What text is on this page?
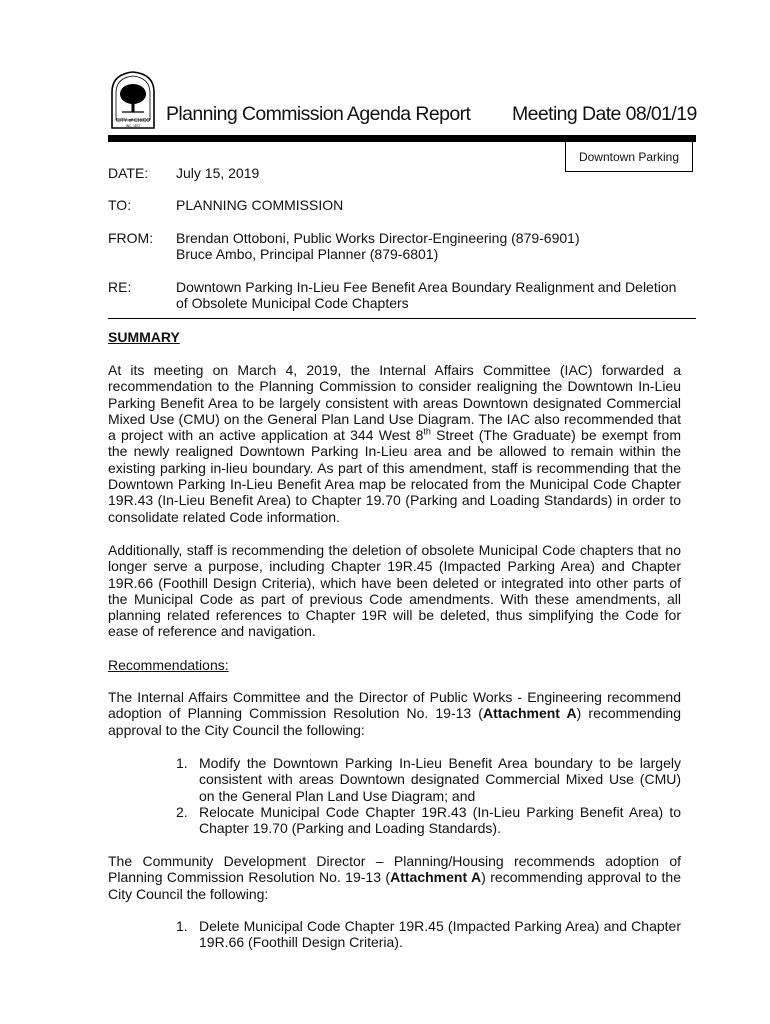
CITY of CHICO
INC. 1872
Planning Commission Agenda Report Meeting Date 08/01/19
Downtown Parking
DATE: July 15, 2019
TO:	PLANNING COMMISSION
FROM: Brendan Ottoboni, Public Works Director-Engineering (879-6901)
Bruce Ambo, Principal Planner (879-6801)
RE:	Downtown Parking In-Lieu Fee Benefit Area Boundary Realignment and Deletion
of Obsolete Municipal Code Chapters
SUMMARY
At its meeting on March 4, 2019, the Internal Affairs Committee (IAC) forwarded a recommendation to the Planning Commission to consider realigning the Downtown In-Lieu Parking Benefit Area to be largely consistent with areas Downtown designated Commercial Mixed Use (CMU) on the General Plan Land Use Diagram. The IAC also recommended that a project with an active application at 344 West 8th Street (The Graduate) be exempt from the newly realigned Downtown Parking In-Lieu area and be allowed to remain within the existing parking in-lieu boundary. As part of this amendment, staff is recommending that the Downtown Parking In-Lieu Benefit Area map be relocated from the Municipal Code Chapter 19R.43 (In-Lieu Benefit Area) to Chapter 19.70 (Parking and Loading Standards) in order to consolidate related Code information.
Additionally, staff is recommending the deletion of obsolete Municipal Code chapters that no longer serve a purpose, including Chapter 19R.45 (Impacted Parking Area) and Chapter 19R.66 (Foothill Design Criteria), which have been deleted or integrated into other parts of the Municipal Code as part of previous Code amendments. With these amendments, all planning related references to Chapter 19R will be deleted, thus simplifying the Code for ease of reference and navigation.
Recommendations:
The Internal Affairs Committee and the Director of Public Works - Engineering recommend adoption of Planning Commission Resolution No. 19-13 (Attachment A) recommending approval to the City Council the following:
1. Modify the Downtown Parking In-Lieu Benefit Area boundary to be largely consistent with areas Downtown designated Commercial Mixed Use (CMU) on the General Plan Land Use Diagram; and
2. Relocate Municipal Code Chapter 19R.43 (In-Lieu Parking Benefit Area) to Chapter 19.70 (Parking and Loading Standards).
The Community Development Director – Planning/Housing recommends adoption of Planning Commission Resolution No. 19-13 (Attachment A) recommending approval to the City Council the following:
1. Delete Municipal Code Chapter 19R.45 (Impacted Parking Area) and Chapter 19R.66 (Foothill Design Criteria).
